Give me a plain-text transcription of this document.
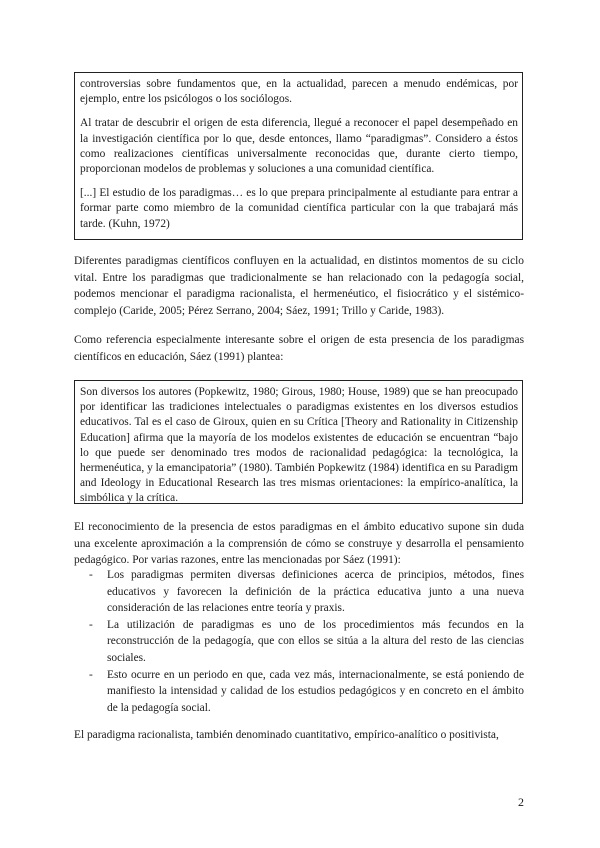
controversias sobre fundamentos que, en la actualidad, parecen a menudo endémicas, por ejemplo, entre los psicólogos o los sociólogos.

Al tratar de descubrir el origen de esta diferencia, llegué a reconocer el papel desempeñado en la investigación científica por lo que, desde entonces, llamo “paradigmas”. Considero a éstos como realizaciones científicas universalmente reconocidas que, durante cierto tiempo, proporcionan modelos de problemas y soluciones a una comunidad científica.

[...] El estudio de los paradigmas… es lo que prepara principalmente al estudiante para entrar a formar parte como miembro de la comunidad científica particular con la que trabajará más tarde. (Kuhn, 1972)

Diferentes paradigmas científicos confluyen en la actualidad, en distintos momentos de su ciclo vital. Entre los paradigmas que tradicionalmente se han relacionado con la pedagogía social, podemos mencionar el paradigma racionalista, el hermenéutico, el fisiocrático y el sistémico-complejo (Caride, 2005; Pérez Serrano, 2004; Sáez, 1991; Trillo y Caride, 1983).

Como referencia especialmente interesante sobre el origen de esta presencia de los paradigmas científicos en educación, Sáez (1991) plantea:

Son diversos los autores (Popkewitz, 1980; Girous, 1980; House, 1989) que se han preocupado por identificar las tradiciones intelectuales o paradigmas existentes en los diversos estudios educativos. Tal es el caso de Giroux, quien en su Crítica [Theory and Rationality in Citizenship Education] afirma que la mayoría de los modelos existentes de educación se encuentran “bajo lo que puede ser denominado tres modos de racionalidad pedagógica: la tecnológica, la hermenéutica, y la emancipatoria” (1980). También Popkewitz (1984) identifica en su Paradigm and Ideology in Educational Research las tres mismas orientaciones: la empírico-analítica, la simbólica y la crítica.

El reconocimiento de la presencia de estos paradigmas en el ámbito educativo supone sin duda una excelente aproximación a la comprensión de cómo se construye y desarrolla el pensamiento pedagógico. Por varias razones, entre las mencionadas por Sáez (1991):

- Los paradigmas permiten diversas definiciones acerca de principios, métodos, fines educativos y favorecen la definición de la práctica educativa junto a una nueva consideración de las relaciones entre teoría y praxis.
- La utilización de paradigmas es uno de los procedimientos más fecundos en la reconstrucción de la pedagogía, que con ellos se sitúa a la altura del resto de las ciencias sociales.
- Esto ocurre en un periodo en que, cada vez más, internacionalmente, se está poniendo de manifiesto la intensidad y calidad de los estudios pedagógicos y en concreto en el ámbito de la pedagogía social.

El paradigma racionalista, también denominado cuantitativo, empírico-analítico o positivista,

2
